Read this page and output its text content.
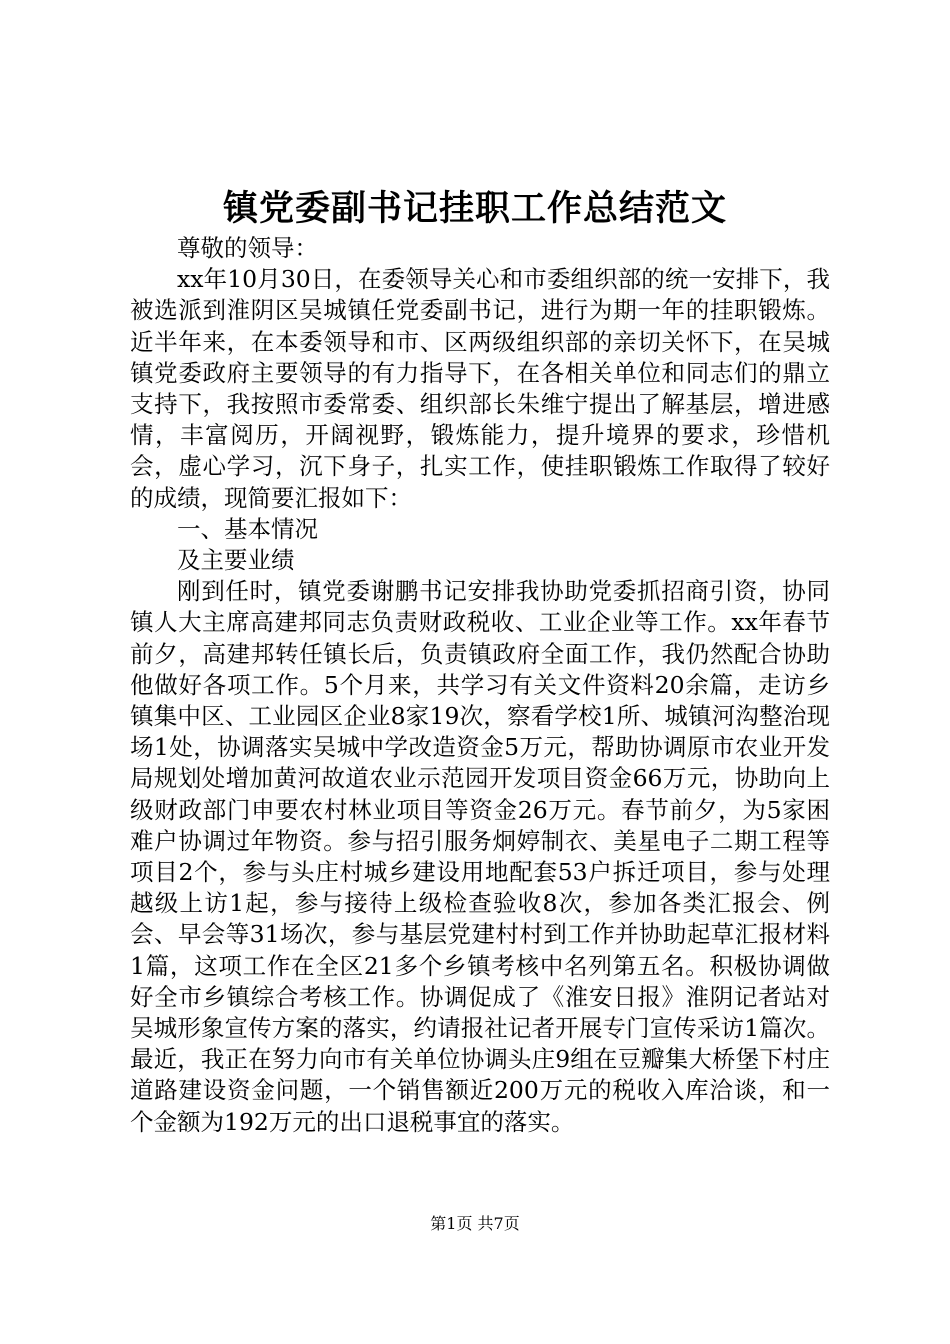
镇党委副书记挂职工作总结范文

尊敬的领导：

xx年10月30日，在委领导关心和市委组织部的统一安排下，我被选派到淮阴区吴城镇任党委副书记，进行为期一年的挂职锻炼。近半年来，在本委领导和市、区两级组织部的亲切关怀下，在吴城镇党委政府主要领导的有力指导下，在各相关单位和同志们的鼎立支持下，我按照市委常委、组织部长朱维宁提出了解基层，增进感情，丰富阅历，开阔视野，锻炼能力，提升境界的要求，珍惜机会，虚心学习，沉下身子，扎实工作，使挂职锻炼工作取得了较好的成绩，现简要汇报如下：

一、基本情况

及主要业绩

刚到任时，镇党委谢鹏书记安排我协助党委抓招商引资，协同镇人大主席高建邦同志负责财政税收、工业企业等工作。xx年春节前夕，高建邦转任镇长后，负责镇政府全面工作，我仍然配合协助他做好各项工作。5个月来，共学习有关文件资料20余篇，走访乡镇集中区、工业园区企业8家19次，察看学校1所、城镇河沟整治现场1处，协调落实吴城中学改造资金5万元，帮助协调原市农业开发局规划处增加黄河故道农业示范园开发项目资金66万元，协助向上级财政部门申要农村林业项目等资金26万元。春节前夕，为5家困难户协调过年物资。参与招引服务炯婷制衣、美星电子二期工程等项目2个，参与头庄村城乡建设用地配套53户拆迁项目，参与处理越级上访1起，参与接待上级检查验收8次，参加各类汇报会、例会、早会等31场次，参与基层党建村村到工作并协助起草汇报材料1篇，这项工作在全区21多个乡镇考核中名列第五名。积极协调做好全市乡镇综合考核工作。协调促成了《淮安日报》淮阴记者站对吴城形象宣传方案的落实，约请报社记者开展专门宣传采访1篇次。最近，我正在努力向市有关单位协调头庄9组在豆瓣集大桥堡下村庄道路建设资金问题，一个销售额近200万元的税收入库洽谈，和一个金额为192万元的出口退税事宜的落实。

第1页 共7页
